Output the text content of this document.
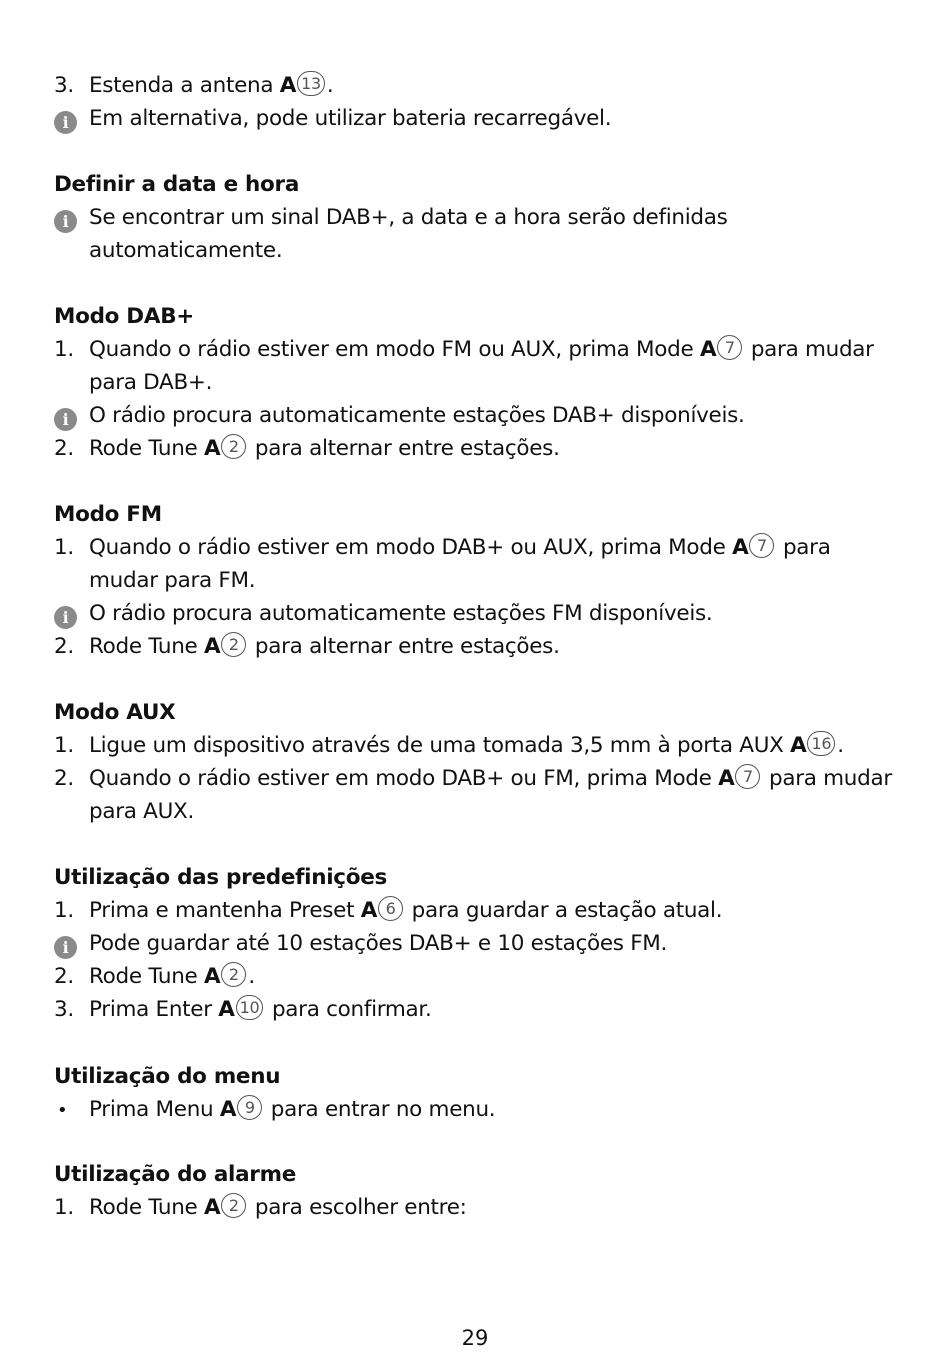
3. Estenda a antena A 13 .
i Em alternativa, pode utilizar bateria recarregável.
Definir a data e hora
i Se encontrar um sinal DAB+, a data e a hora serão definidas
automaticamente.
Modo DAB+
1. Quando o rádio estiver em modo FM ou AUX, prima Mode A 7 para mudar
para DAB+.
i O rádio procura automaticamente estações DAB+ disponíveis.
2. Rode Tune A 2 para alternar entre estações.
Modo FM
1. Quando o rádio estiver em modo DAB+ ou AUX, prima Mode A 7 para
mudar para FM.
i O rádio procura automaticamente estações FM disponíveis.
2. Rode Tune A 2 para alternar entre estações.
Modo AUX
1. Ligue um dispositivo através de uma tomada 3,5 mm à porta AUX A 16 .
2. Quando o rádio estiver em modo DAB+ ou FM, prima Mode A 7 para mudar
para AUX.
Utilização das predefinições
1. Prima e mantenha Preset A 6 para guardar a estação atual.
i Pode guardar até 10 estações DAB+ e 10 estações FM.
2. Rode Tune A 2 .
3. Prima Enter A 10 para confirmar.
Utilização do menu
• Prima Menu A 9 para entrar no menu.
Utilização do alarme
1. Rode Tune A 2 para escolher entre:
29
